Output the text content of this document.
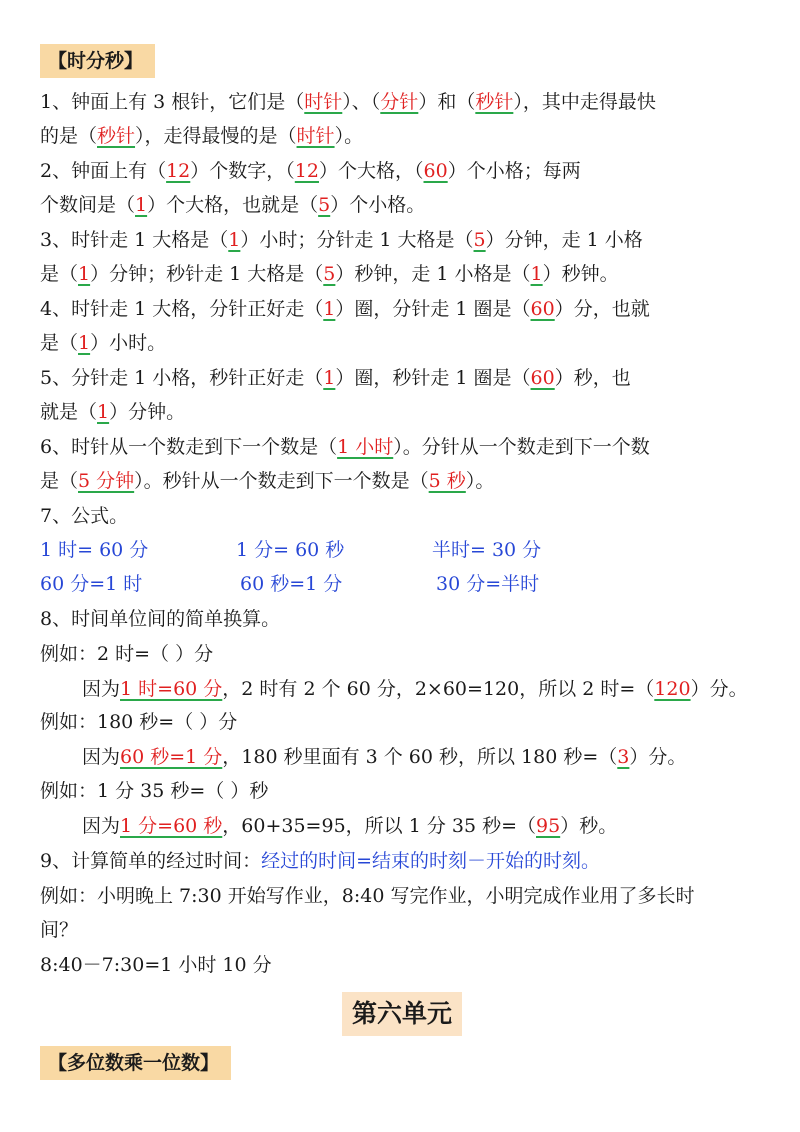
【时分秒】
1、钟面上有 3 根针，它们是（时针）、（分针）和（秒针），其中走得最快
的是（秒针），走得最慢的是（时针）。
2、钟面上有（12）个数字，（12）个大格，（60）个小格；每两
个数间是（1）个大格，也就是（5）个小格。
3、时针走 1 大格是（1）小时；分针走 1 大格是（5）分钟，走 1 小格
是（1）分钟；秒针走 1 大格是（5）秒钟，走 1 小格是（1）秒钟。
4、时针走 1 大格，分针正好走（1）圈，分针走 1 圈是（60）分，也就
是（1）小时。
5、分针走 1 小格，秒针正好走（1）圈，秒针走 1 圈是（60）秒，也
就是（1）分钟。
6、时针从一个数走到下一个数是（1 小时）。分针从一个数走到下一个数
是（5 分钟）。秒针从一个数走到下一个数是（5 秒）。
7、公式。
1 时= 60 分	1 分= 60 秒	半时= 30 分
60 分=1 时	60 秒=1 分	30 分=半时
8、时间单位间的简单换算。
例如：2 时=（ ）分
因为1 时=60 分，2 时有 2 个 60 分，2×60=120，所以 2 时=（120）分。
例如：180 秒=（ ）分
因为60 秒=1 分，180 秒里面有 3 个 60 秒，所以 180 秒=（3）分。
例如：1 分 35 秒=（ ）秒
因为1 分=60 秒，60+35=95，所以 1 分 35 秒=（95）秒。
9、计算简单的经过时间：经过的时间=结束的时刻－开始的时刻。
例如：小明晚上 7:30 开始写作业，8:40 写完作业，小明完成作业用了多长时
间？
8:40－7:30=1 小时 10 分
第六单元
【多位数乘一位数】
